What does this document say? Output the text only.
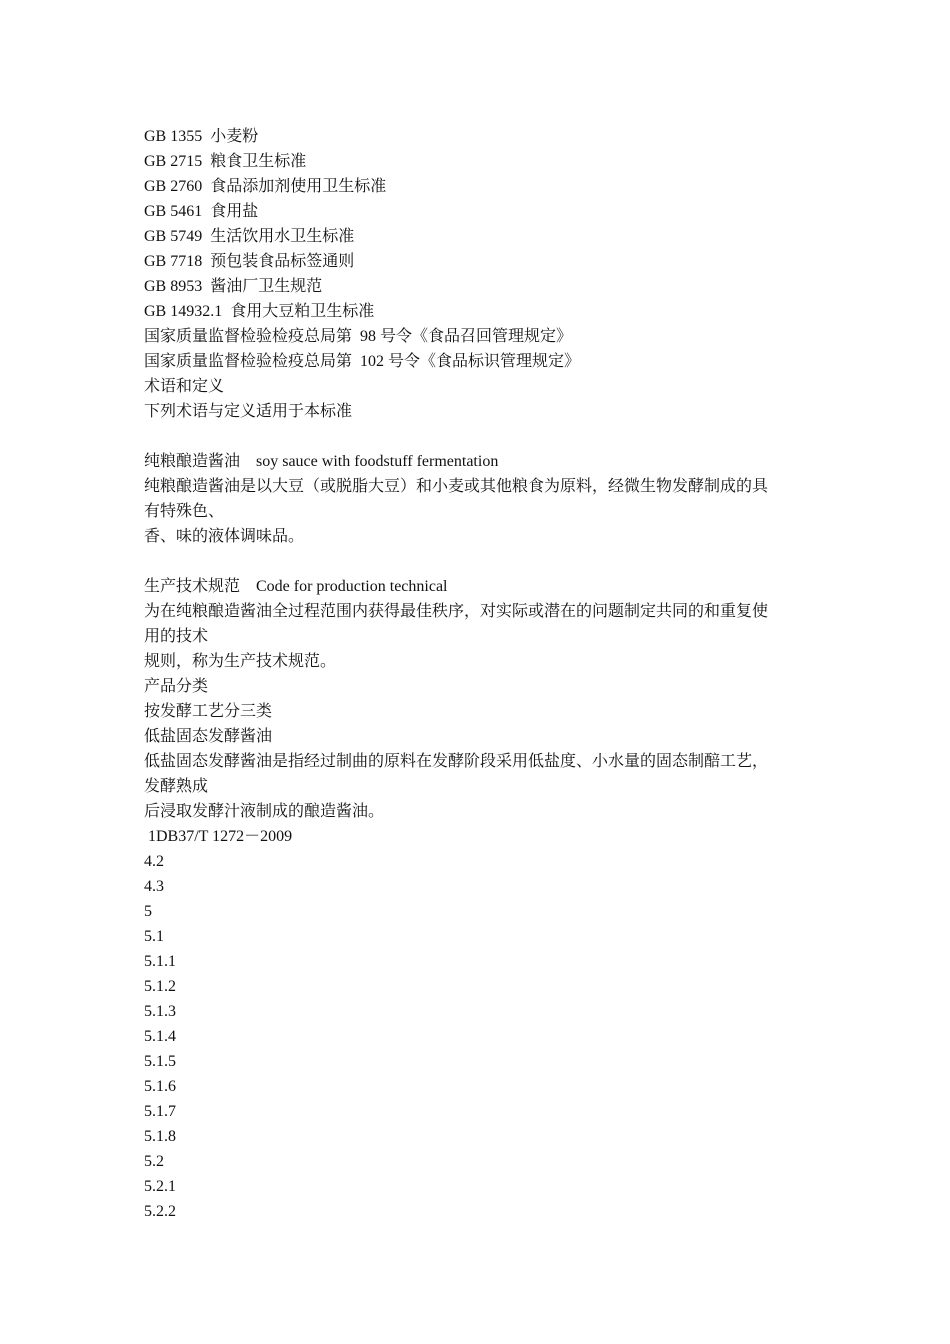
GB 1355  小麦粉
GB 2715  粮食卫生标准
GB 2760  食品添加剂使用卫生标准
GB 5461  食用盐
GB 5749  生活饮用水卫生标准
GB 7718  预包装食品标签通则
GB 8953  酱油厂卫生规范
GB 14932.1  食用大豆粕卫生标准
国家质量监督检验检疫总局第  98 号令《食品召回管理规定》
国家质量监督检验检疫总局第  102 号令《食品标识管理规定》
术语和定义
下列术语与定义适用于本标准
纯粮酿造酱油    soy sauce with foodstuff fermentation
纯粮酿造酱油是以大豆（或脱脂大豆）和小麦或其他粮食为原料，经微生物发酵制成的具
有特殊色、
香、味的液体调味品。
生产技术规范    Code for production technical
为在纯粮酿造酱油全过程范围内获得最佳秩序，对实际或潜在的问题制定共同的和重复使
用的技术
规则，称为生产技术规范。
产品分类
按发酵工艺分三类
低盐固态发酵酱油
低盐固态发酵酱油是指经过制曲的原料在发酵阶段采用低盐度、小水量的固态制醅工艺，
发酵熟成
后浸取发酵汁液制成的酿造酱油。
1DB37/T 1272－2009
4.2
4.3
5
5.1
5.1.1
5.1.2
5.1.3
5.1.4
5.1.5
5.1.6
5.1.7
5.1.8
5.2
5.2.1
5.2.2
